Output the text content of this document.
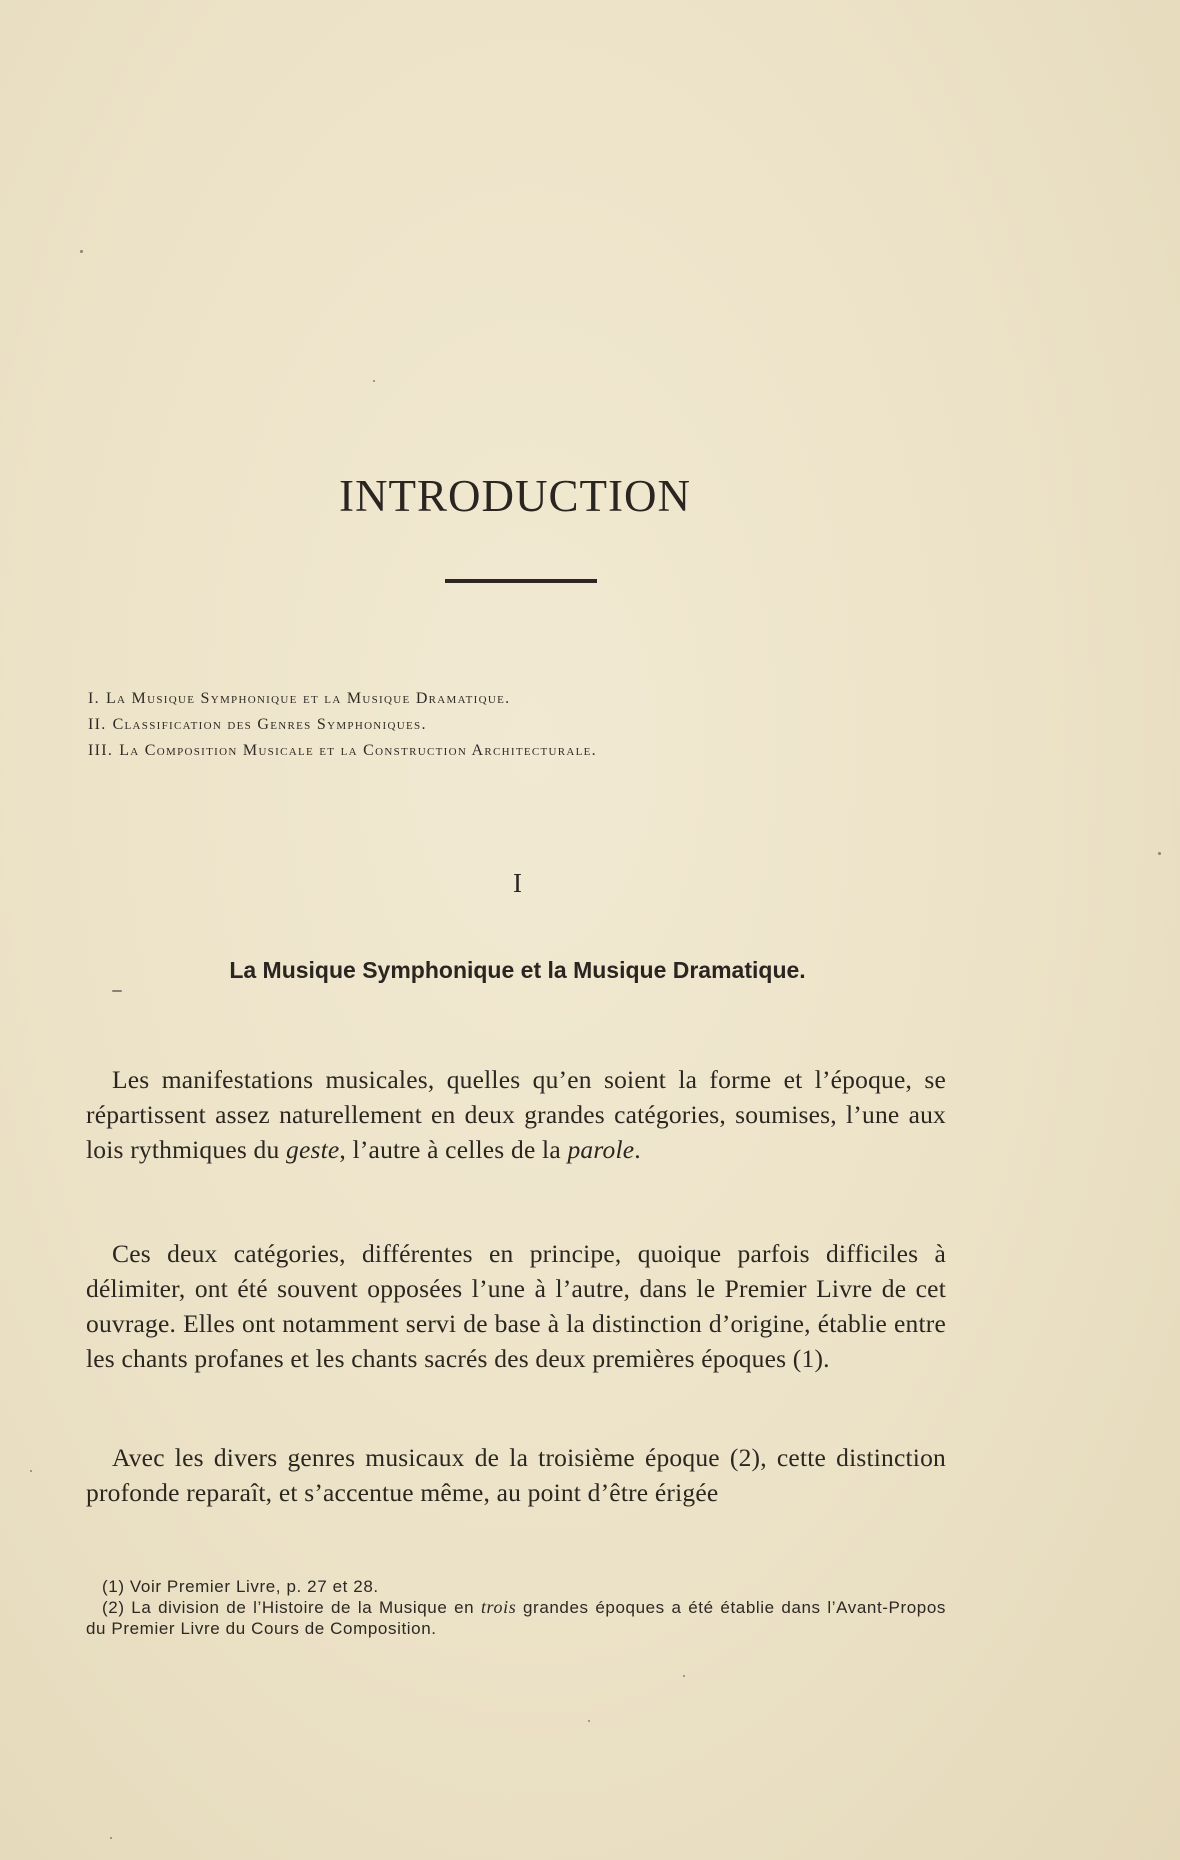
INTRODUCTION
I. La Musique Symphonique et la Musique Dramatique.
II. Classification des Genres Symphoniques.
III. La Composition Musicale et la Construction Architecturale.
I
La Musique Symphonique et la Musique Dramatique.

Les manifestations musicales, quelles qu’en soient la forme et l’époque, se répartissent assez naturellement en deux grandes catégories, soumises, l’une aux lois rythmiques du geste, l’autre à celles de la parole.

Ces deux catégories, différentes en principe, quoique parfois difficiles à délimiter, ont été souvent opposées l’une à l’autre, dans le Premier Livre de cet ouvrage. Elles ont notamment servi de base à la distinction d’origine, établie entre les chants profanes et les chants sacrés des deux premières époques (1).

Avec les divers genres musicaux de la troisième époque (2), cette distinction profonde reparaît, et s’accentue même, au point d’être érigée

(1) Voir Premier Livre, p. 27 et 28.

(2) La division de l’Histoire de la Musique en trois grandes époques a été établie dans l’Avant-Propos du Premier Livre du Cours de Composition.
